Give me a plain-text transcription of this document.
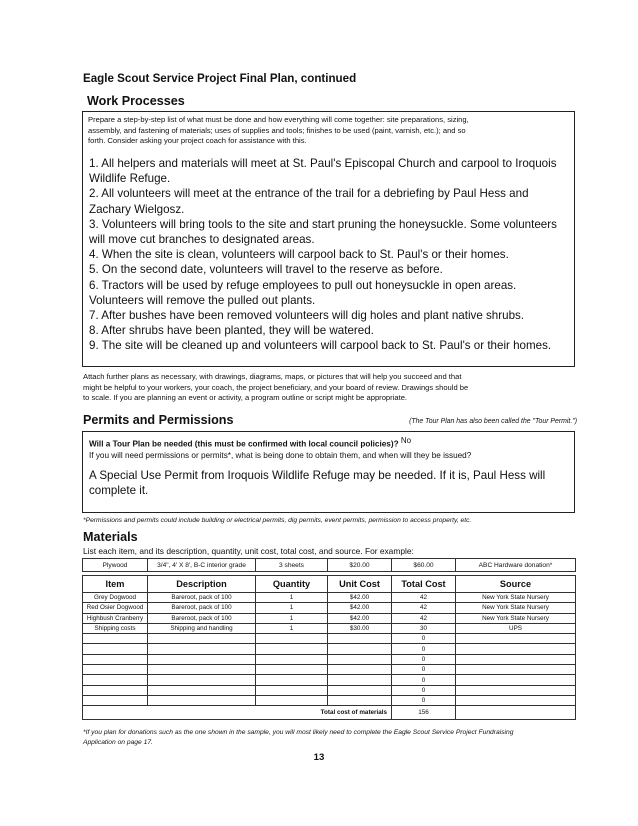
Eagle Scout Service Project Final Plan, continued
Work Processes
Prepare a step-by-step list of what must be done and how everything will come together: site preparations, sizing,
assembly, and fastening of materials; uses of supplies and tools; finishes to be used (paint, varnish, etc.); and so
forth. Consider asking your project coach for assistance with this.
1. All helpers and materials will meet at St. Paul's Episcopal Church and carpool to Iroquois Wildlife Refuge.
2. All volunteers will meet at the entrance of the trail for a debriefing by Paul Hess and Zachary Wielgosz.
3. Volunteers will bring tools to the site and start pruning the honeysuckle. Some volunteers will move cut branches to designated areas.
4. When the site is clean, volunteers will carpool back to St. Paul's or their homes.
5. On the second date, volunteers will travel to the reserve as before.
6. Tractors will be used by refuge employees to pull out honeysuckle in open areas. Volunteers will remove the pulled out plants.
7. After bushes have been removed volunteers will dig holes and plant native shrubs.
8. After shrubs have been planted, they will be watered.
9. The site will be cleaned up and volunteers will carpool back to St. Paul's or their homes.
Attach further plans as necessary, with drawings, diagrams, maps, or pictures that will help you succeed and that
might be helpful to your workers, your coach, the project beneficiary, and your board of review. Drawings should be
to scale. If you are planning an event or activity, a program outline or script might be appropriate.
Permits and Permissions	(The Tour Plan has also been called the "Tour Permit.")
Will a Tour Plan be needed (this must be confirmed with local council policies)? No
If you will need permissions or permits*, what is being done to obtain them, and when will they be issued?
A Special Use Permit from Iroquois Wildlife Refuge may be needed. If it is, Paul Hess will
complete it.
*Permissions and permits could include building or electrical permits, dig permits, event permits, permission to access property, etc.
Materials
List each item, and its description, quantity, unit cost, total cost, and source. For example:
Plywood	3/4", 4' X 8', B-C interior grade	3 sheets	$20.00	$60.00	ABC Hardware donation*
Item	Description	Quantity	Unit Cost	Total Cost	Source
Grey Dogwood	Bareroot, pack of 100	1	$42.00	42	New York State Nursery
Red Osier Dogwood	Bareroot, pack of 100	1	$42.00	42	New York State Nursery
Highbush Cranberry	Bareroot, pack of 100	1	$42.00	42	New York State Nursery
Shipping costs	Shipping and handling	1	$30.00	30	UPS
				0	
				0	
				0	
				0	
				0	
				0	
				0	
Total cost of materials				156	
*If you plan for donations such as the one shown in the sample, you will most likely need to complete the Eagle Scout Service Project Fundraising
Application on page 17.
13
